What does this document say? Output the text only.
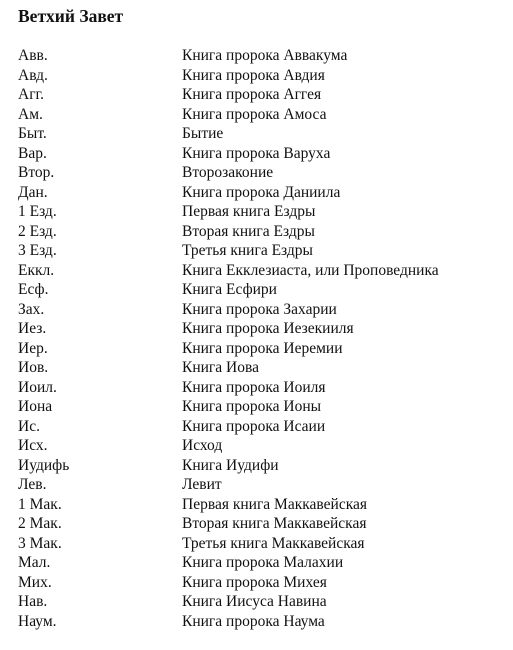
Ветхий Завет
Авв.	Книга пророка Аввакума
Авд.	Книга пророка Авдия
Агг.	Книга пророка Аггея
Ам.	Книга пророка Амоса
Быт.	Бытие
Вар.	Книга пророка Варуха
Втор.	Второзаконие
Дан.	Книга пророка Даниила
1 Езд.	Первая книга Ездры
2 Езд.	Вторая книга Ездры
3 Езд.	Третья книга Ездры
Еккл.	Книга Екклезиаста, или Проповедника
Есф.	Книга Есфири
Зах.	Книга пророка Захарии
Иез.	Книга пророка Иезекииля
Иер.	Книга пророка Иеремии
Иов.	Книга Иова
Иоил.	Книга пророка Иоиля
Иона	Книга пророка Ионы
Ис.	Книга пророка Исаии
Исх.	Исход
Иудифь	Книга Иудифи
Лев.	Левит
1 Мак.	Первая книга Маккавейская
2 Мак.	Вторая книга Маккавейская
3 Мак.	Третья книга Маккавейская
Мал.	Книга пророка Малахии
Мих.	Книга пророка Михея
Нав.	Книга Иисуса Навина
Наум.	Книга пророка Наума
